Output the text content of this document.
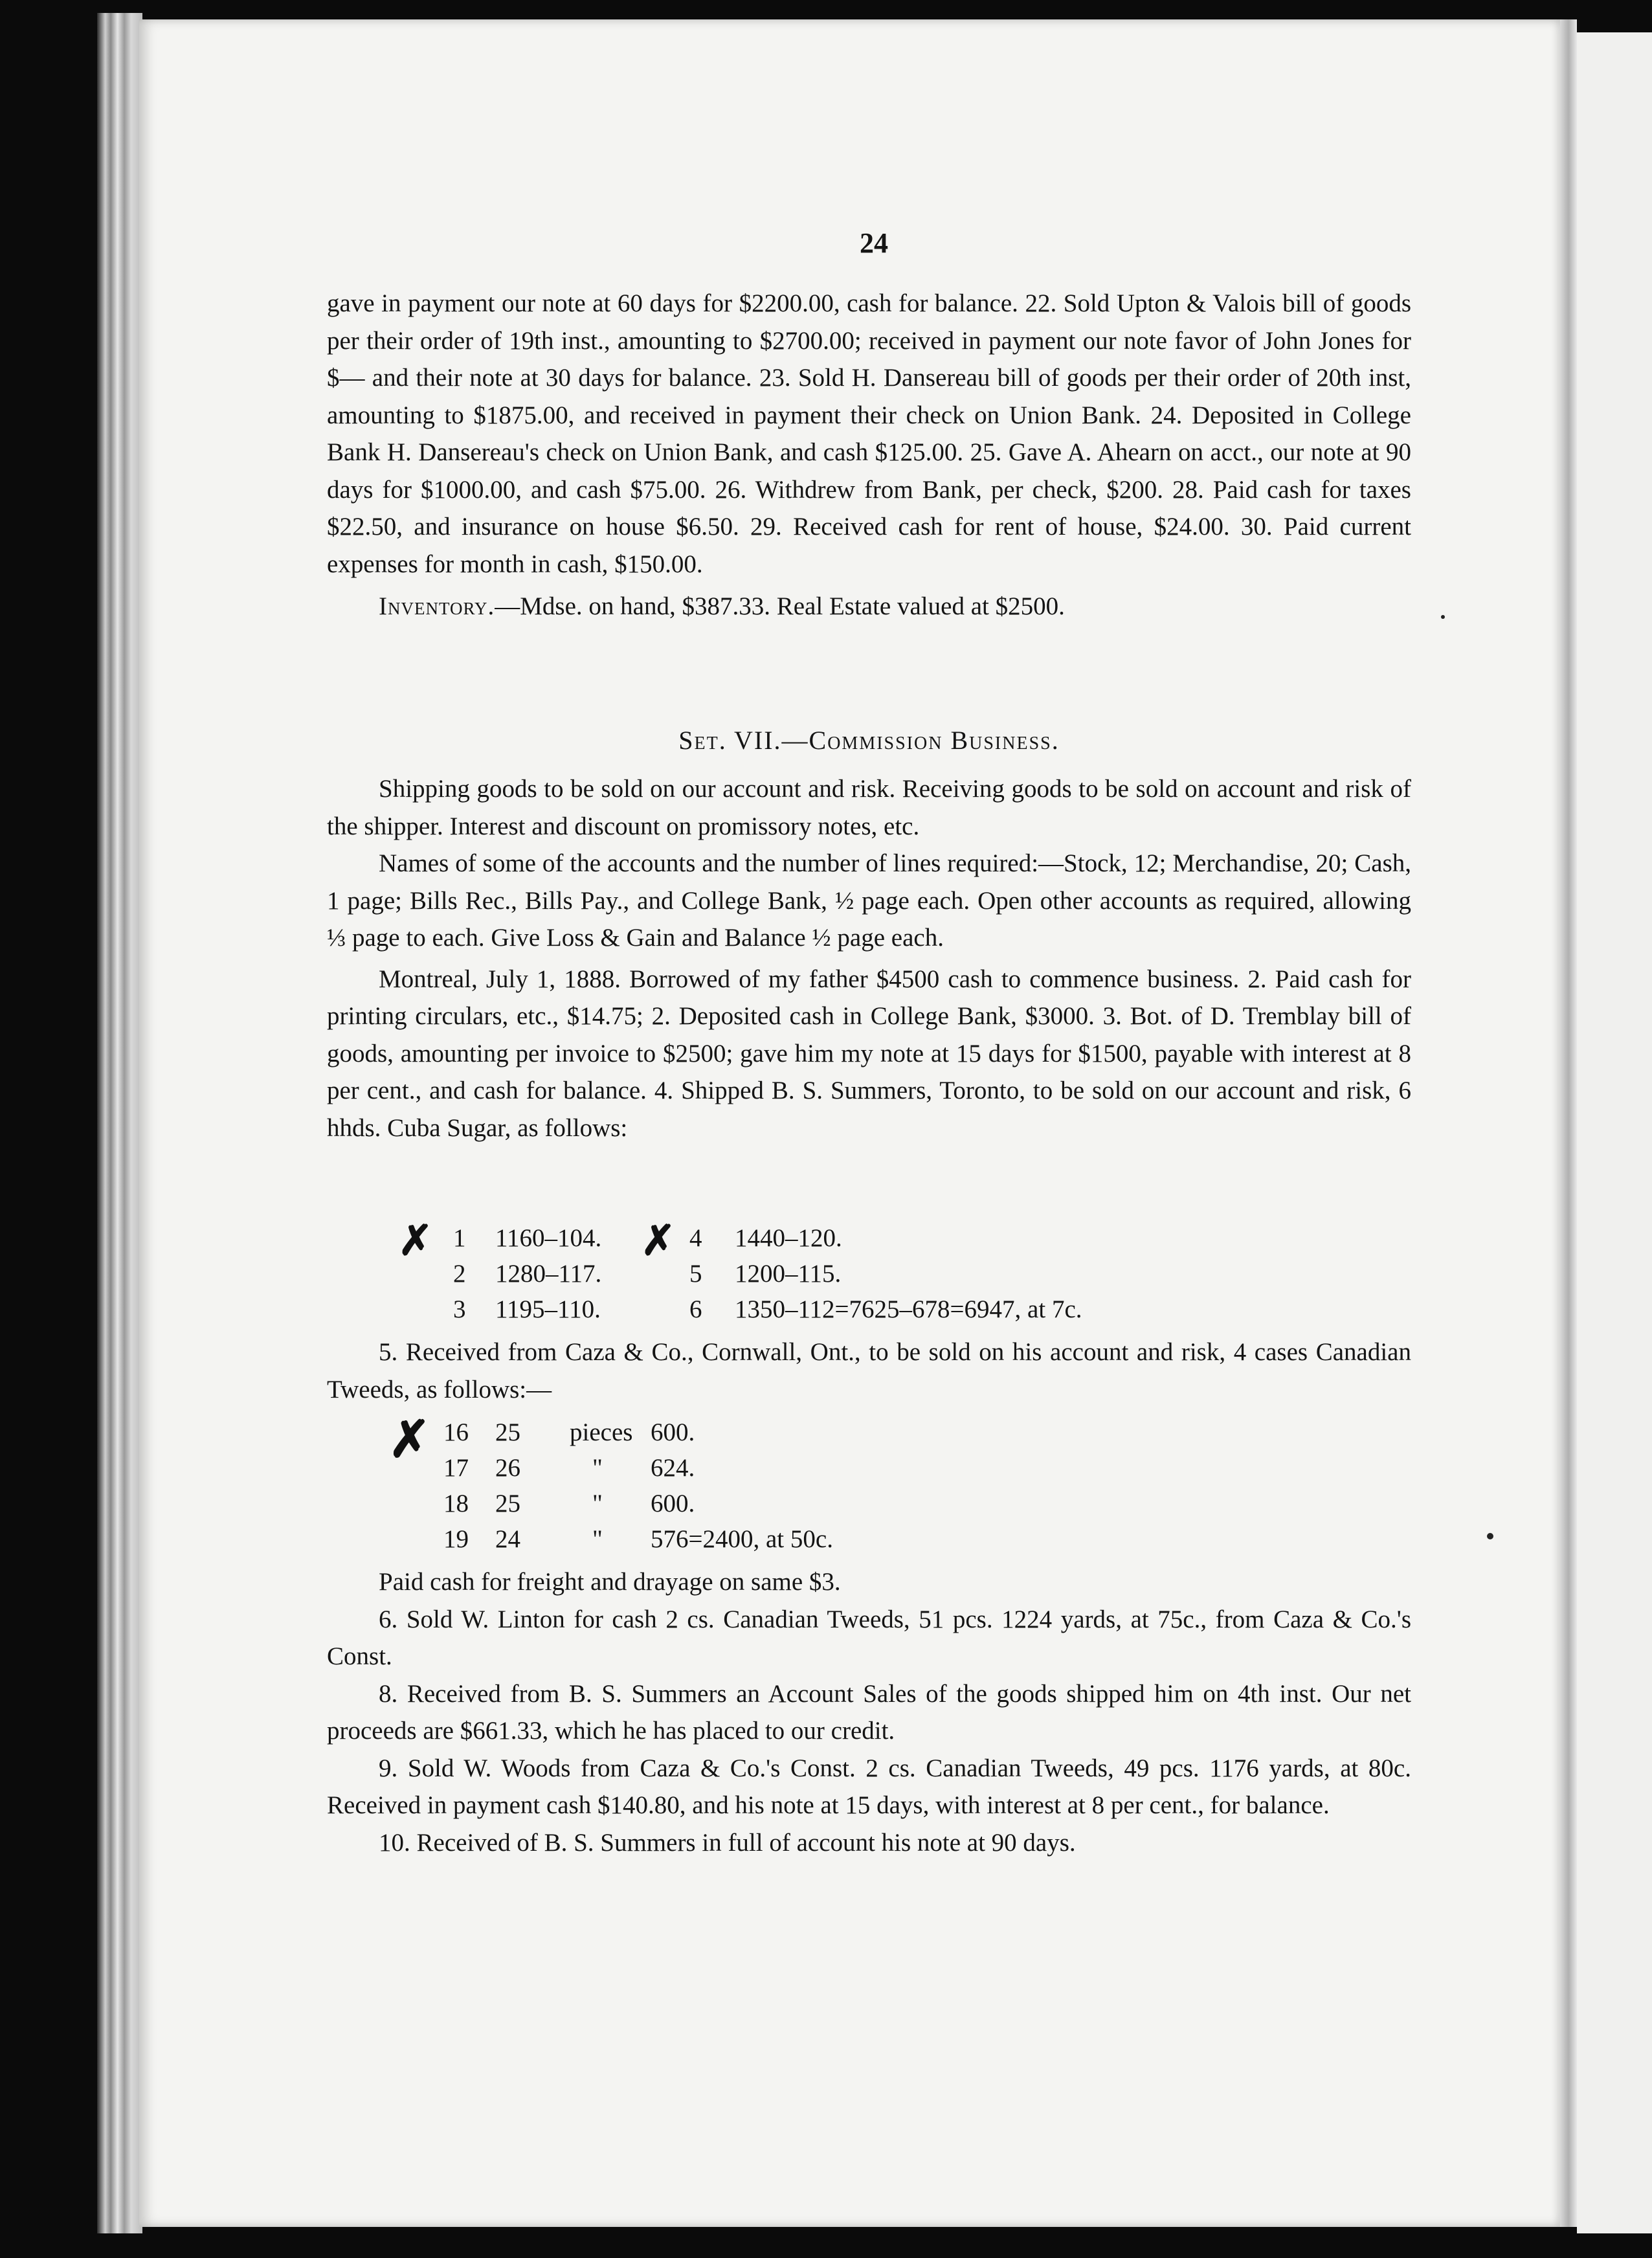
24

gave in payment our note at 60 days for $2200.00, cash for balance. 22. Sold Upton & Valois bill of goods per their order of 19th inst., amounting to $2700.00; received in payment our note favor of John Jones for $— and their note at 30 days for balance. 23. Sold H. Dansereau bill of goods per their order of 20th inst, amounting to $1875.00, and received in payment their check on Union Bank. 24. Deposited in College Bank H. Dansereau's check on Union Bank, and cash $125.00. 25. Gave A. Ahearn on acct., our note at 90 days for $1000.00, and cash $75.00. 26. Withdrew from Bank, per check, $200. 28. Paid cash for taxes $22.50, and insurance on house $6.50. 29. Received cash for rent of house, $24.00. 30. Paid current expenses for month in cash, $150.00.

Inventory.—Mdse. on hand, $387.33. Real Estate valued at $2500.

Set. VII.—Commission Business.

Shipping goods to be sold on our account and risk. Receiving goods to be sold on account and risk of the shipper. Interest and discount on promissory notes, etc.

Names of some of the accounts and the number of lines required:—Stock, 12; Merchandise, 20; Cash, 1 page; Bills Rec., Bills Pay., and College Bank, ½ page each. Open other accounts as required, allowing ⅓ page to each. Give Loss & Gain and Balance ½ page each.

Montreal, July 1, 1888. Borrowed of my father $4500 cash to commence business. 2. Paid cash for printing circulars, etc., $14.75; 2. Deposited cash in College Bank, $3000. 3. Bot. of D. Tremblay bill of goods, amounting per invoice to $2500; gave him my note at 15 days for $1500, payable with interest at 8 per cent., and cash for balance. 4. Shipped B. S. Summers, Toronto, to be sold on our account and risk, 6 hhds. Cuba Sugar, as follows:

✗	✗
1 1160–104.	4 1440–120.
2 1280–117.	5 1200–115.
3 1195–110.	6 1350–112=7625–678=6947, at 7c.

5. Received from Caza & Co., Cornwall, Ont., to be sold on his account and risk, 4 cases Canadian Tweeds, as follows:—

✗ 16 25 pieces 600.
17 26	" 624.
18 25	" 600.
19 24	" 576=2400, at 50c.

Paid cash for freight and drayage on same $3.

6. Sold W. Linton for cash 2 cs. Canadian Tweeds, 51 pcs. 1224 yards, at 75c., from Caza & Co.'s Const.

8. Received from B. S. Summers an Account Sales of the goods shipped him on 4th inst. Our net proceeds are $661.33, which he has placed to our credit.

9. Sold W. Woods from Caza & Co.'s Const. 2 cs. Canadian Tweeds, 49 pcs. 1176 yards, at 80c. Received in payment cash $140.80, and his note at 15 days, with interest at 8 per cent., for balance.

10. Received of B. S. Summers in full of account his note at 90 days.
